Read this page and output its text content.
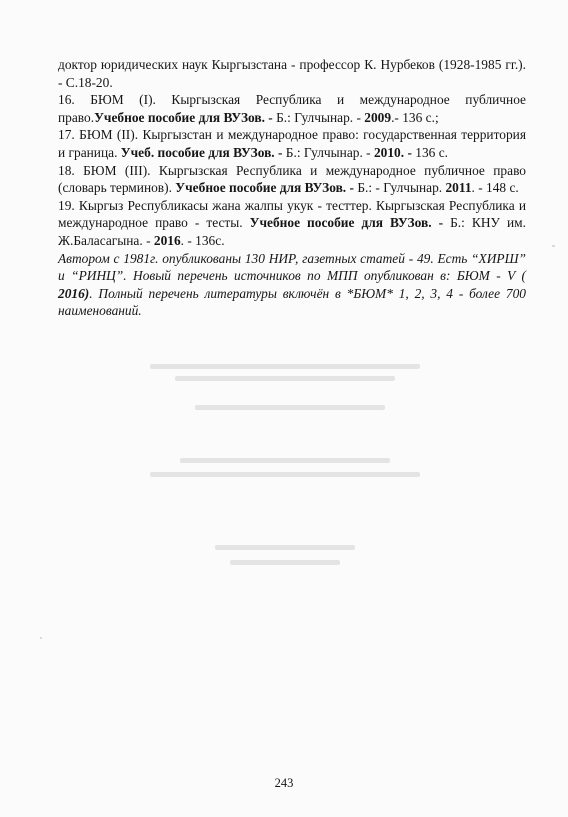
доктор юридических наук Кыргызстана - профессор К. Нурбеков (1928-1985 гг.). - С.18-20.

16. БЮМ (I). Кыргызская Республика и международное публичное право.Учебное пособие для ВУЗов. - Б.: Гулчынар. - 2009.- 136 с.;

17. БЮМ (II). Кыргызстан и международное право: государственная территория и граница. Учеб. пособие для ВУЗов. - Б.: Гулчынар. - 2010. - 136 с.

18. БЮМ (III). Кыргызская Республика и международное публичное право (словарь терминов). Учебное пособие для ВУЗов. - Б.: - Гулчынар. 2011. - 148 с.

19. Кыргыз Республикасы жана жалпы укук - тесттер. Кыргызская Республика и международное право - тесты. Учебное пособие для ВУЗов. - Б.: КНУ им. Ж.Баласагына. - 2016. - 136с.

Автором с 1981г. опубликованы 130 НИР, газетных статей - 49. Есть “ХИРШ” и “РИНЦ”. Новый перечень источников по МПП опубликован в: БЮМ - V ( 2016). Полный перечень литературы включён в *БЮМ* 1, 2, 3, 4 - более 700 наименований.

243
